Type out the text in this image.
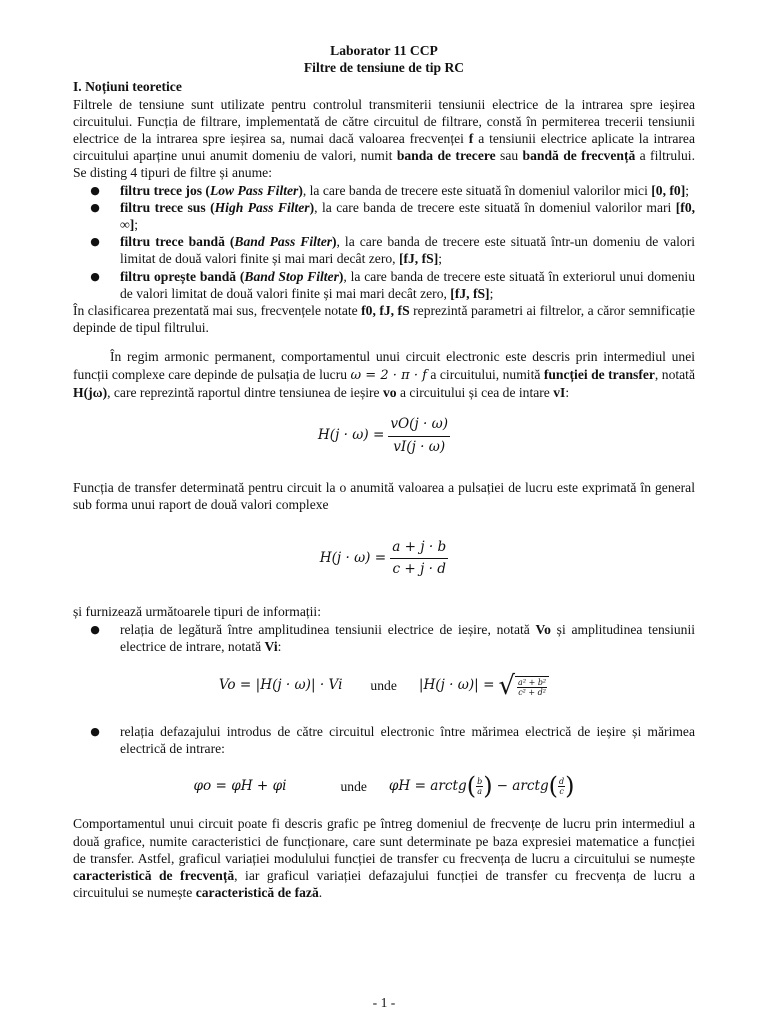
Laborator 11 CCP

Filtre de tensiune de tip RC

I. Noțiuni teoretice

Filtrele de tensiune sunt utilizate pentru controlul transmiterii tensiunii electrice de la intrarea spre ieșirea circuitului. Funcția de filtrare, implementată de către circuitul de filtrare, constă în permiterea trecerii tensiunii electrice de la intrarea spre ieșirea sa, numai dacă valoarea frecvenței f a tensiunii electrice aplicate la intrarea circuitului aparține unui anumit domeniu de valori, numit banda de trecere sau bandă de frecvență a filtrului. Se disting 4 tipuri de filtre și anume:

● filtru trece jos (Low Pass Filter), la care banda de trecere este situată în domeniul valorilor mici [0, f0];
● filtru trece sus (High Pass Filter), la care banda de trecere este situată în domeniul valorilor mari [f0, ∞];
● filtru trece bandă (Band Pass Filter), la care banda de trecere este situată într-un domeniu de valori limitat de două valori finite și mai mari decât zero, [fJ, fS];
● filtru oprește bandă (Band Stop Filter), la care banda de trecere este situată în exteriorul unui domeniu de valori limitat de două valori finite și mai mari decât zero, [fJ, fS];

În clasificarea prezentată mai sus, frecvențele notate f0, fJ, fS reprezintă parametri ai filtrelor, a căror semnificație depinde de tipul filtrului.

În regim armonic permanent, comportamentul unui circuit electronic este descris prin intermediul unei funcții complexe care depinde de pulsația de lucru ω = 2 · π · f a circuitului, numită funcției de transfer, notată H(jω), care reprezintă raportul dintre tensiunea de ieșire vo a circuitului și cea de intare vI:

$H(j \cdot \omega) = \frac{vO(j \cdot \omega)}{vI(j \cdot \omega)}$

Funcția de transfer determinată pentru circuit la o anumită valoarea a pulsației de lucru este exprimată în general sub forma unui raport de două valori complexe

$H(j \cdot \omega) = \frac{a + j \cdot b}{c + j \cdot d}$

și furnizează următoarele tipuri de informații:

● relația de legătură între amplitudinea tensiunii electrice de ieșire, notată Vo și amplitudinea tensiunii electrice de intrare, notată Vi:
Vo = |H(j · ω)| · Vi unde |H(j · ω)| = √ $\frac{\text{a² + b²}}{\text{c² + d²}}$
● relația defazajului introdus de către circuitul electronic între mărimea electrică de ieșire și mărimea electrică de intrare:
φo = φH + φi	unde φH = arctg ( $\frac{b}{a}$ ) − arctg ( $\frac{d}{c}$ )

Comportamentul unui circuit poate fi descris grafic pe întreg domeniul de frecvențe de lucru prin intermediul a două grafice, numite caracteristici de funcționare, care sunt determinate pe baza expresiei matematice a funcției de transfer. Astfel, graficul variației modulului funcției de transfer cu frecvența de lucru a circuitului se numește caracteristică de frecvență, iar graficul variației defazajului funcției de transfer cu frecvența de lucru a circuitului se numește caracteristică de fază.

- 1 -
